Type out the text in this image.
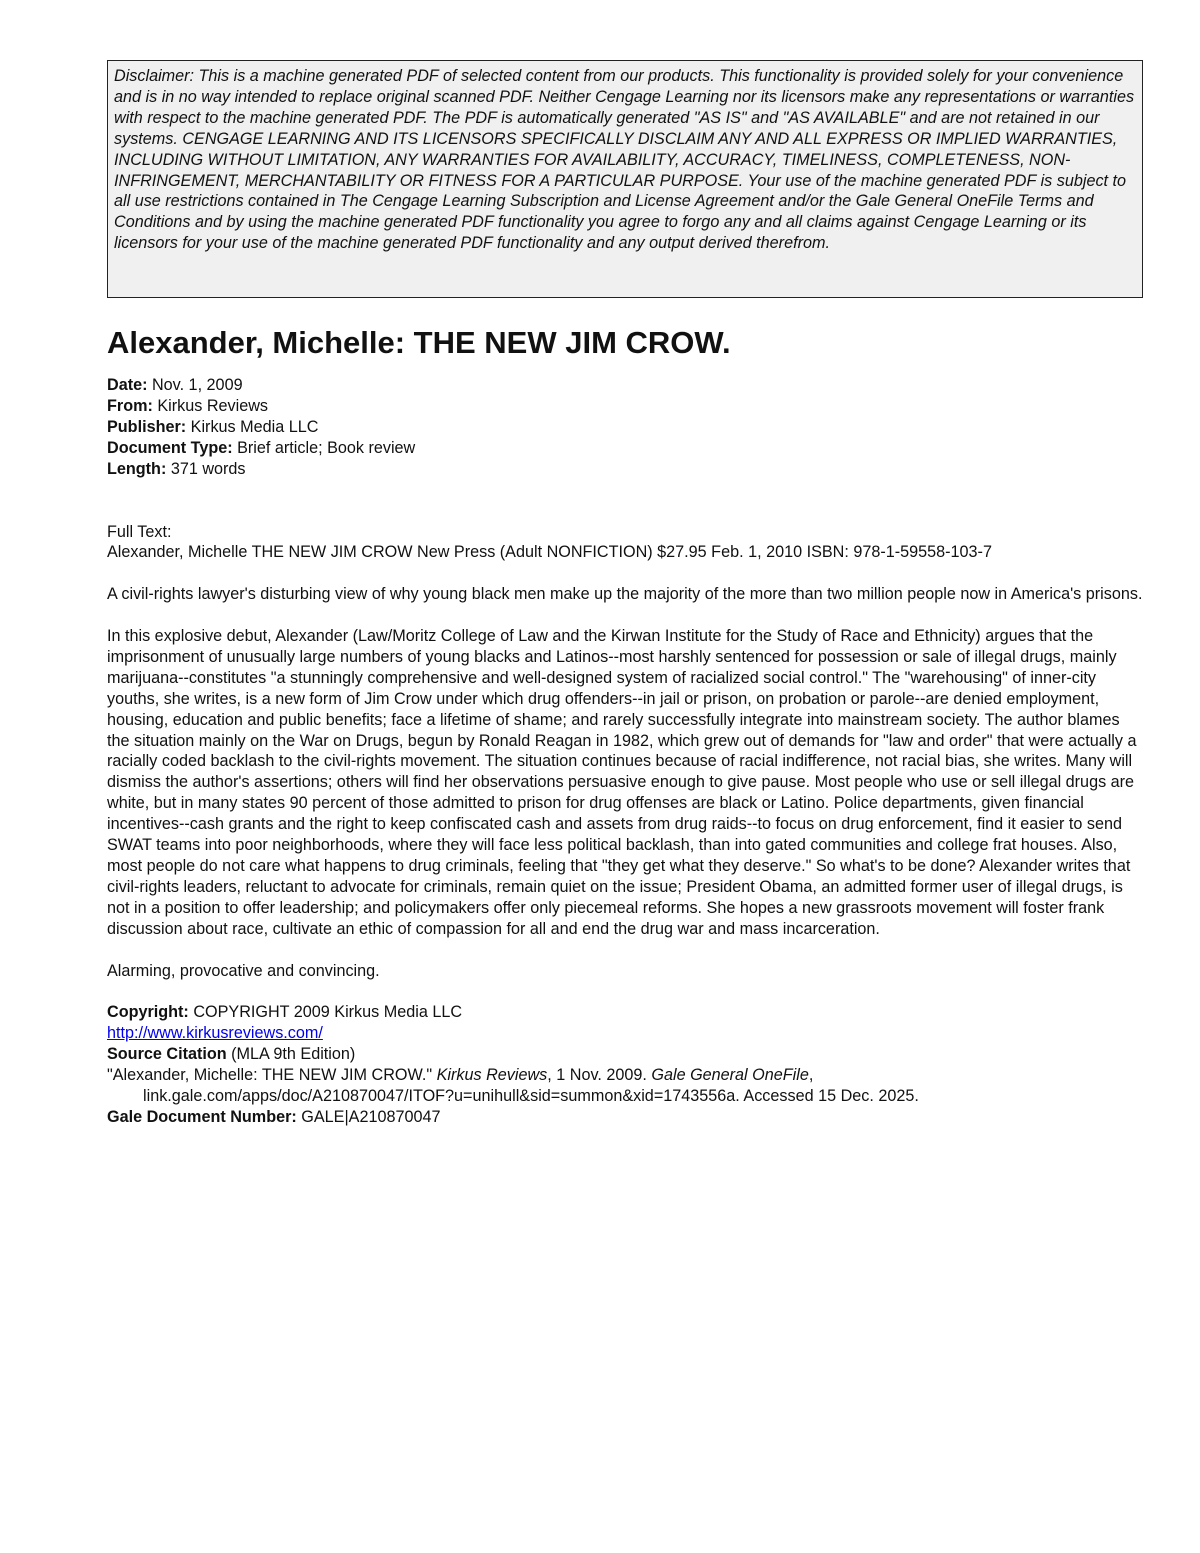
Disclaimer: This is a machine generated PDF of selected content from our products. This functionality is provided solely for your convenience and is in no way intended to replace original scanned PDF. Neither Cengage Learning nor its licensors make any representations or warranties with respect to the machine generated PDF. The PDF is automatically generated "AS IS" and "AS AVAILABLE" and are not retained in our systems. CENGAGE LEARNING AND ITS LICENSORS SPECIFICALLY DISCLAIM ANY AND ALL EXPRESS OR IMPLIED WARRANTIES, INCLUDING WITHOUT LIMITATION, ANY WARRANTIES FOR AVAILABILITY, ACCURACY, TIMELINESS, COMPLETENESS, NON-INFRINGEMENT, MERCHANTABILITY OR FITNESS FOR A PARTICULAR PURPOSE. Your use of the machine generated PDF is subject to all use restrictions contained in The Cengage Learning Subscription and License Agreement and/or the Gale General OneFile Terms and Conditions and by using the machine generated PDF functionality you agree to forgo any and all claims against Cengage Learning or its licensors for your use of the machine generated PDF functionality and any output derived therefrom.
Alexander, Michelle: THE NEW JIM CROW.
Date: Nov. 1, 2009
From: Kirkus Reviews
Publisher: Kirkus Media LLC
Document Type: Brief article; Book review
Length: 371 words
Full Text:
Alexander, Michelle THE NEW JIM CROW New Press (Adult NONFICTION) $27.95 Feb. 1, 2010 ISBN: 978-1-59558-103-7
A civil-rights lawyer's disturbing view of why young black men make up the majority of the more than two million people now in America's prisons.
In this explosive debut, Alexander (Law/Moritz College of Law and the Kirwan Institute for the Study of Race and Ethnicity) argues that the imprisonment of unusually large numbers of young blacks and Latinos--most harshly sentenced for possession or sale of illegal drugs, mainly marijuana--constitutes "a stunningly comprehensive and well-designed system of racialized social control." The "warehousing" of inner-city youths, she writes, is a new form of Jim Crow under which drug offenders--in jail or prison, on probation or parole--are denied employment, housing, education and public benefits; face a lifetime of shame; and rarely successfully integrate into mainstream society. The author blames the situation mainly on the War on Drugs, begun by Ronald Reagan in 1982, which grew out of demands for "law and order" that were actually a racially coded backlash to the civil-rights movement. The situation continues because of racial indifference, not racial bias, she writes. Many will dismiss the author's assertions; others will find her observations persuasive enough to give pause. Most people who use or sell illegal drugs are white, but in many states 90 percent of those admitted to prison for drug offenses are black or Latino. Police departments, given financial incentives--cash grants and the right to keep confiscated cash and assets from drug raids--to focus on drug enforcement, find it easier to send SWAT teams into poor neighborhoods, where they will face less political backlash, than into gated communities and college frat houses. Also, most people do not care what happens to drug criminals, feeling that "they get what they deserve." So what's to be done? Alexander writes that civil-rights leaders, reluctant to advocate for criminals, remain quiet on the issue; President Obama, an admitted former user of illegal drugs, is not in a position to offer leadership; and policymakers offer only piecemeal reforms. She hopes a new grassroots movement will foster frank discussion about race, cultivate an ethic of compassion for all and end the drug war and mass incarceration.
Alarming, provocative and convincing.
Copyright: COPYRIGHT 2009 Kirkus Media LLC
http://www.kirkusreviews.com/
Source Citation (MLA 9th Edition)
"Alexander, Michelle: THE NEW JIM CROW." Kirkus Reviews, 1 Nov. 2009. Gale General OneFile,
link.gale.com/apps/doc/A210870047/ITOF?u=unihull&sid=summon&xid=1743556a. Accessed 15 Dec. 2025.
Gale Document Number: GALE|A210870047
